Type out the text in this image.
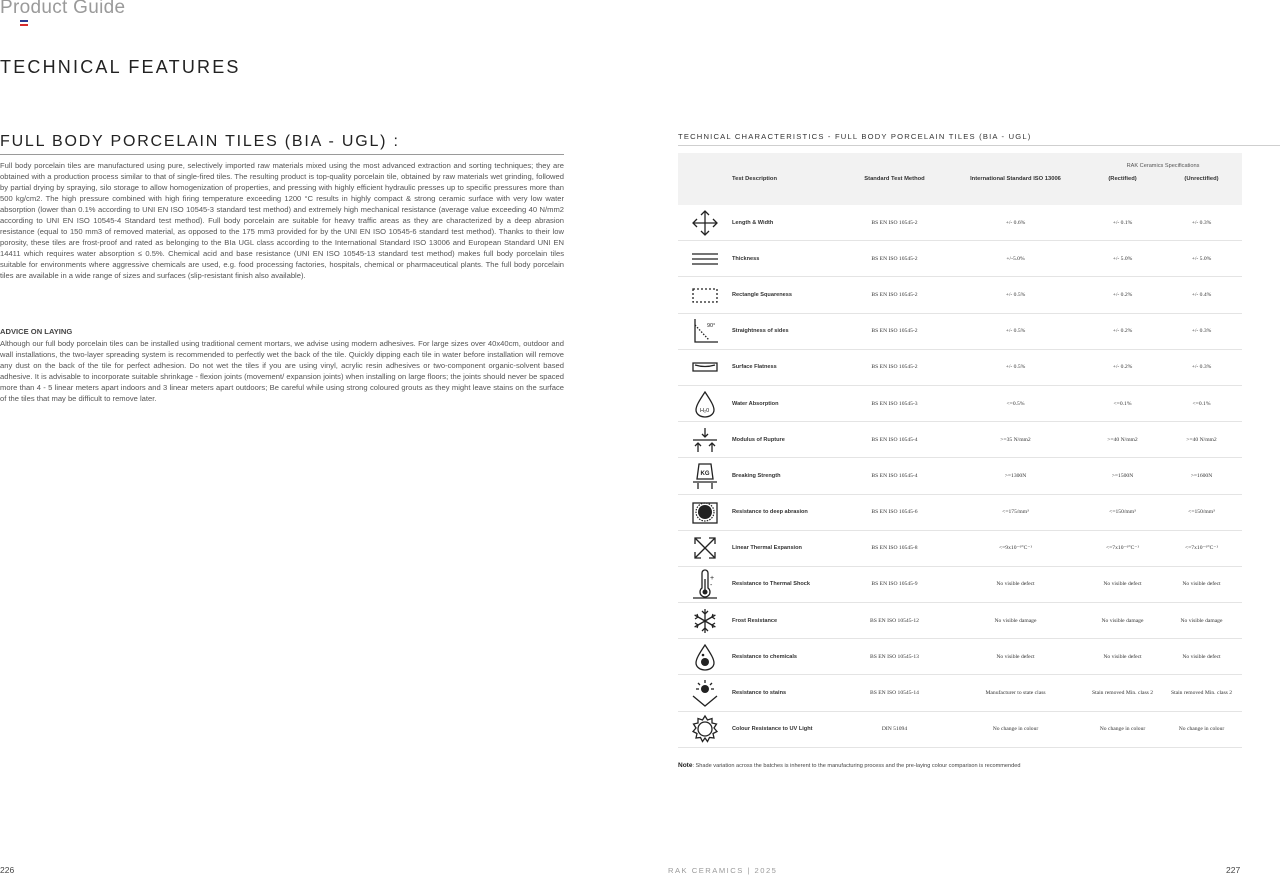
Product Guide
TECHNICAL FEATURES
FULL BODY PORCELAIN TILES (BIA - UGL) :

Full body porcelain tiles are manufactured using pure, selectively imported raw materials mixed using the most advanced extraction and sorting techniques; they are obtained with a production process similar to that of single-fired tiles. The resulting product is top-quality porcelain tile, obtained by raw materials wet grinding, followed by partial drying by spraying, silo storage to allow homogenization of properties, and pressing with highly efficient hydraulic presses up to specific pressures more than 500 kg/cm2. The high pressure combined with high firing temperature exceeding 1200 °C results in highly compact & strong ceramic surface with very low water absorption (lower than 0.1% according to UNI EN ISO 10545-3 standard test method) and extremely high mechanical resistance (average value exceeding 40 N/mm2 according to UNI EN ISO 10545-4 Standard test method). Full body porcelain are suitable for heavy traffic areas as they are characterized by a deep abrasion resistance (equal to 150 mm3 of removed material, as opposed to the 175 mm3 provided for by the UNI EN ISO 10545-6 standard test method). Thanks to their low porosity, these tiles are frost-proof and rated as belonging to the BIa UGL class according to the International Standard ISO 13006 and European Standard UNI EN 14411 which requires water absorption ≤ 0.5%. Chemical acid and base resistance (UNI EN ISO 10545-13 standard test method) makes full body porcelain tiles suitable for environments where aggressive chemicals are used, e.g. food processing factories, hospitals, chemical or pharmaceutical plants. The full body porcelain tiles are available in a wide range of sizes and surfaces (slip-resistant finish also available).

ADVICE ON LAYING

Although our full body porcelain tiles can be installed using traditional cement mortars, we advise using modern adhesives. For large sizes over 40x40cm, outdoor and wall installations, the two-layer spreading system is recommended to perfectly wet the back of the tile. Quickly dipping each tile in water before installation will remove any dust on the back of the tile for perfect adhesion. Do not wet the tiles if you are using vinyl, acrylic resin adhesives or two-component organic-solvent based adhesive. It is advisable to incorporate suitable shrinkage - flexion joints (movement/ expansion joints) when installing on large floors; the joints should never be spaced more than 4 - 5 linear meters apart indoors and 3 linear meters apart outdoors; Be careful while using strong coloured grouts as they might leave stains on the surface of the tiles that may be difficult to remove later.

TECHNICAL CHARACTERISTICS - FULL BODY PORCELAIN TILES (BIA - UGL)
RAK Ceramics Specifications
	Test Description	Standard Test Method	International Standard ISO 13006	(Rectified)	(Unrectified)

	Length & Width	BS EN ISO 10545-2	+/- 0.6%	+/- 0.1%	+/- 0.3%

	Thickness	BS EN ISO 10545-2	+/-5.0%	+/- 5.0%	+/- 5.0%

	Rectangle Squareness	BS EN ISO 10545-2	+/- 0.5%	+/- 0.2%	+/- 0.4%

90°	Straightness of sides	BS EN ISO 10545-2	+/- 0.5%	+/- 0.2%	+/- 0.3%

	Surface Flatness	BS EN ISO 10545-2	+/- 0.5%	+/- 0.2%	+/- 0.3%

H₂0	Water Absorption	BS EN ISO 10545-3	<=0.5%	<=0.1%	<=0.1%

	Modulus of Rupture	BS EN ISO 10545-4	>=35 N/mm2	>=40 N/mm2	>=40 N/mm2

KG	Breaking Strength	BS EN ISO 10545-4	>=1300N	>=1500N	>=1600N

	Resistance to deep abrasion	BS EN ISO 10545-6	<=175/mm³	<=150/mm³	<=150/mm³

	Linear Thermal Expansion	BS EN ISO 10545-8	<=9x10⁻⁶°C⁻¹	<=7x10⁻⁶°C⁻¹	<=7x10⁻⁶°C⁻¹

+
-	Resistance to Thermal Shock	BS EN ISO 10545-9	No visible defect	No visible defect	No visible defect

	Frost Resistance	BS EN ISO 10545-12	No visible damage	No visible damage	No visible damage

	Resistance to chemicals	BS EN ISO 10545-13	No visible defect	No visible defect	No visible defect

	Resistance to stains	BS EN ISO 10545-14	Manufacturer to state class	Stain removed Min. class 2	Stain removed Min. class 2

	Colour Resistance to UV Light	DIN 51094	No change in colour	No change in colour	No change in colour
Note: Shade variation across the batches is inherent to the manufacturing process and the pre-laying colour comparison is recommended
226	RAK CERAMICS | 2025	227
